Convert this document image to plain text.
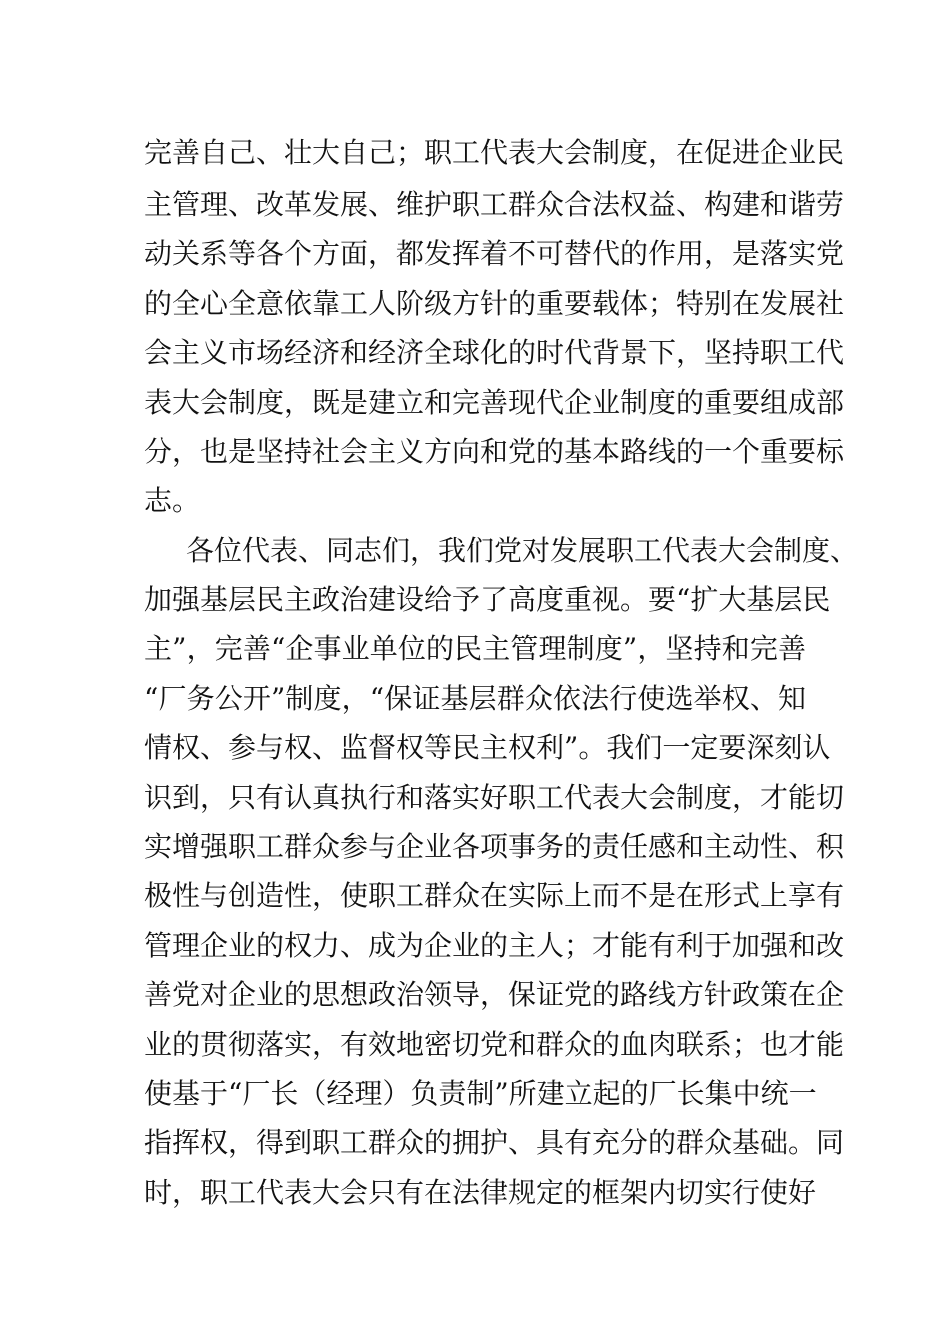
完善自己、壮大自己；职工代表大会制度，在促进企业民
主管理、改革发展、维护职工群众合法权益、构建和谐劳
动关系等各个方面，都发挥着不可替代的作用，是落实党
的全心全意依靠工人阶级方针的重要载体；特别在发展社
会主义市场经济和经济全球化的时代背景下，坚持职工代
表大会制度，既是建立和完善现代企业制度的重要组成部
分，也是坚持社会主义方向和党的基本路线的一个重要标
志。
各位代表、同志们，我们党对发展职工代表大会制度、
加强基层民主政治建设给予了高度重视。要“扩大基层民
主”，完善“企事业单位的民主管理制度”，坚持和完善
“厂务公开”制度，“保证基层群众依法行使选举权、知
情权、参与权、监督权等民主权利”。我们一定要深刻认
识到，只有认真执行和落实好职工代表大会制度，才能切
实增强职工群众参与企业各项事务的责任感和主动性、积
极性与创造性，使职工群众在实际上而不是在形式上享有
管理企业的权力、成为企业的主人；才能有利于加强和改
善党对企业的思想政治领导，保证党的路线方针政策在企
业的贯彻落实，有效地密切党和群众的血肉联系；也才能
使基于“厂长（经理）负责制”所建立起的厂长集中统一
指挥权，得到职工群众的拥护、具有充分的群众基础。同
时，职工代表大会只有在法律规定的框架内切实行使好
